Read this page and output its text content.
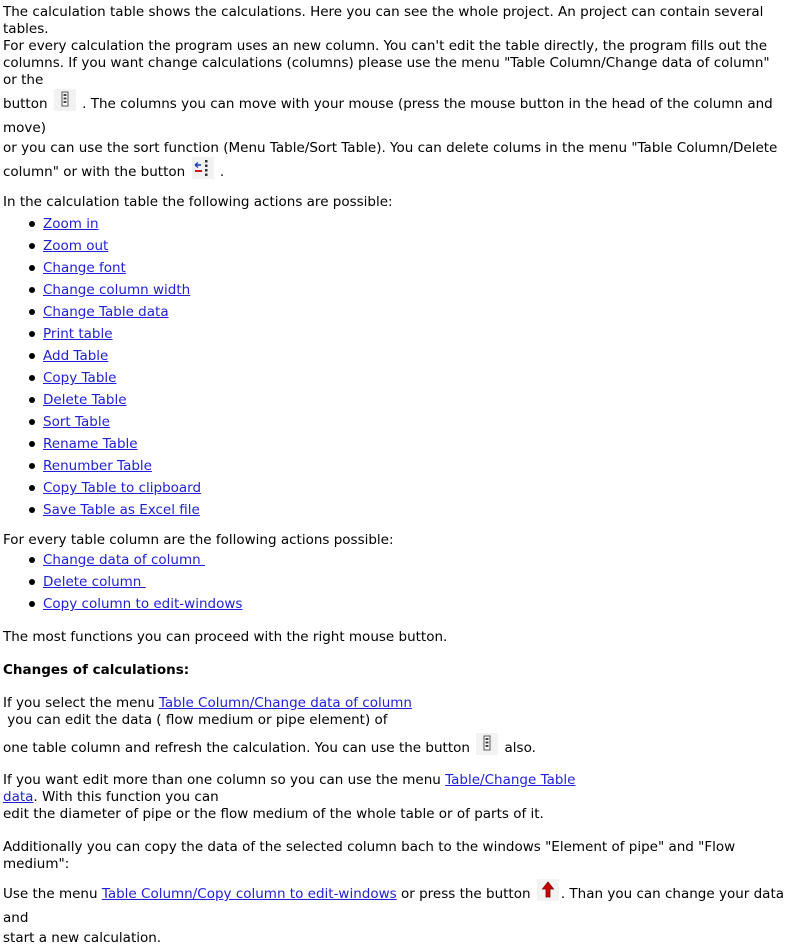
The calculation table shows the calculations. Here you can see the whole project. An project can contain several tables.
For every calculation the program uses an new column. You can't edit the table directly, the program fills out the
columns. If you want change calculations (columns) please use the menu "Table Column/Change data of column" or the
button	. The columns you can move with your mouse (press the mouse button in the head of the column and move)
or you can use the sort function (Menu Table/Sort Table). You can delete colums in the menu "Table Column/Delete
column" or with the button	.

In the calculation table the following actions are possible:

Zoom in
Zoom out
Change font
Change column width
Change Table data
Print table
Add Table
Copy Table
Delete Table
Sort Table
Rename Table
Renumber Table
Copy Table to clipboard
Save Table as Excel file

For every table column are the following actions possible:

Change data of column
Delete column
Copy column to edit-windows

The most functions you can proceed with the right mouse button.

Changes of calculations:

If you select the menu Table Column/Change data of column you can edit the data ( flow medium or pipe element) of
one table column and refresh the calculation. You can use the button	also.

If you want edit more than one column so you can use the menu Table/Change Table data. With this function you can
edit the diameter of pipe or the flow medium of the whole table or of parts of it.

Additionally you can copy the data of the selected column bach to the windows "Element of pipe" and "Flow medium":

Use the menu Table Column/Copy column to edit-windows or press the button . Than you can change your data and
start a new calculation.
